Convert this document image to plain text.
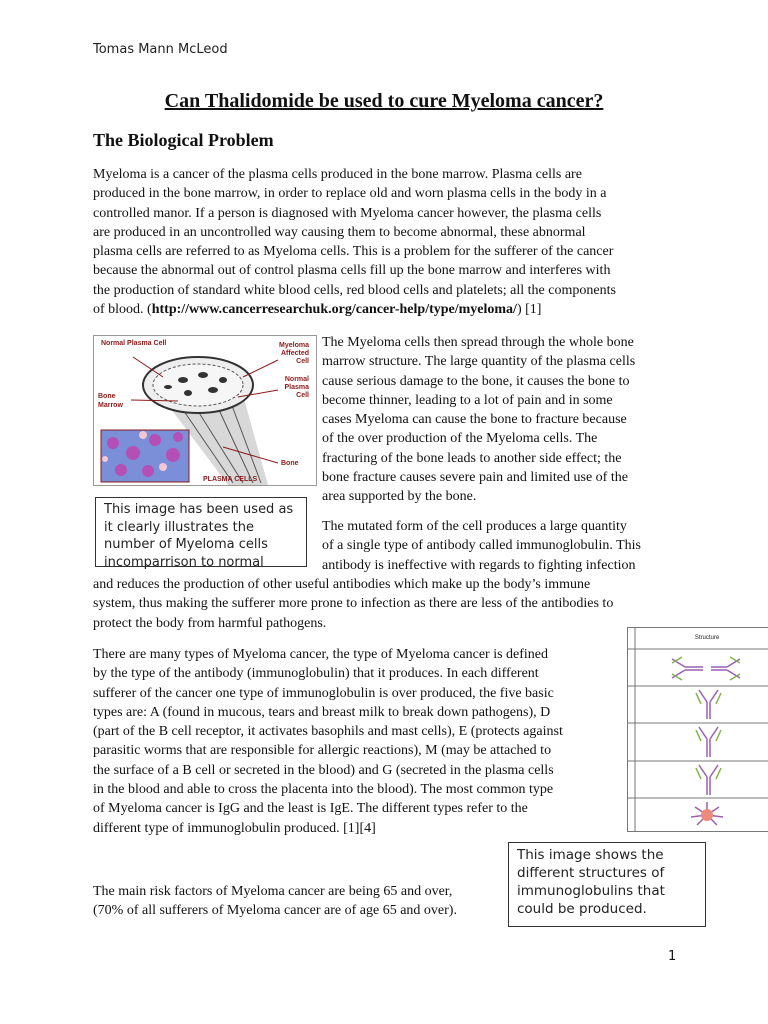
Tomas Mann McLeod
Can Thalidomide be used to cure Myeloma cancer?
The Biological Problem
Myeloma is a cancer of the plasma cells produced in the bone marrow. Plasma cells are
produced in the bone marrow, in order to replace old and worn plasma cells in the body in a
controlled manor. If a person is diagnosed with Myeloma cancer however, the plasma cells
are produced in an uncontrolled way causing them to become abnormal, these abnormal
plasma cells are referred to as Myeloma cells. This is a problem for the sufferer of the cancer
because the abnormal out of control plasma cells fill up the bone marrow and interferes with
the production of standard white blood cells, red blood cells and platelets; all the components
of blood. (http://www.cancerresearchuk.org/cancer-help/type/myeloma/) [1]
Normal Plasma Cell	Myeloma
Affected
Cell
Normal
Plasma
Cell
Bone
Marrow
Bone
PLASMA CELLS
This image has been used as
it clearly illustrates the
number of Myeloma cells
incomparrison to normal
The Myeloma cells then spread through the whole bone
marrow structure. The large quantity of the plasma cells
cause serious damage to the bone, it causes the bone to
become thinner, leading to a lot of pain and in some
cases Myeloma can cause the bone to fracture because
of the over production of the Myeloma cells. The
fracturing of the bone leads to another side effect; the
bone fracture causes severe pain and limited use of the
area supported by the bone.
The mutated form of the cell produces a large quantity
of a single type of antibody called immunoglobulin. This
antibody is ineffective with regards to fighting infection
and reduces the production of other useful antibodies which make up the body’s immune
system, thus making the sufferer more prone to infection as there are less of the antibodies to
protect the body from harmful pathogens.
There are many types of Myeloma cancer, the type of Myeloma cancer is defined
by the type of the antibody (immunoglobulin) that it produces. In each different
sufferer of the cancer one type of immunoglobulin is over produced, the five basic
types are: A (found in mucous, tears and breast milk to break down pathogens), D
(part of the B cell receptor, it activates basophils and mast cells), E (protects against
parasitic worms that are responsible for allergic reactions), M (may be attached to
the surface of a B cell or secreted in the blood) and G (secreted in the plasma cells
in the blood and able to cross the placenta into the blood). The most common type
of Myeloma cancer is IgG and the least is IgE. The different types refer to the
different type of immunoglobulin produced. [1][4]
Structure
This image shows the
different structures of
immunoglobulins that
could be produced.
The main risk factors of Myeloma cancer are being 65 and over,
(70% of all sufferers of Myeloma cancer are of age 65 and over).
1
